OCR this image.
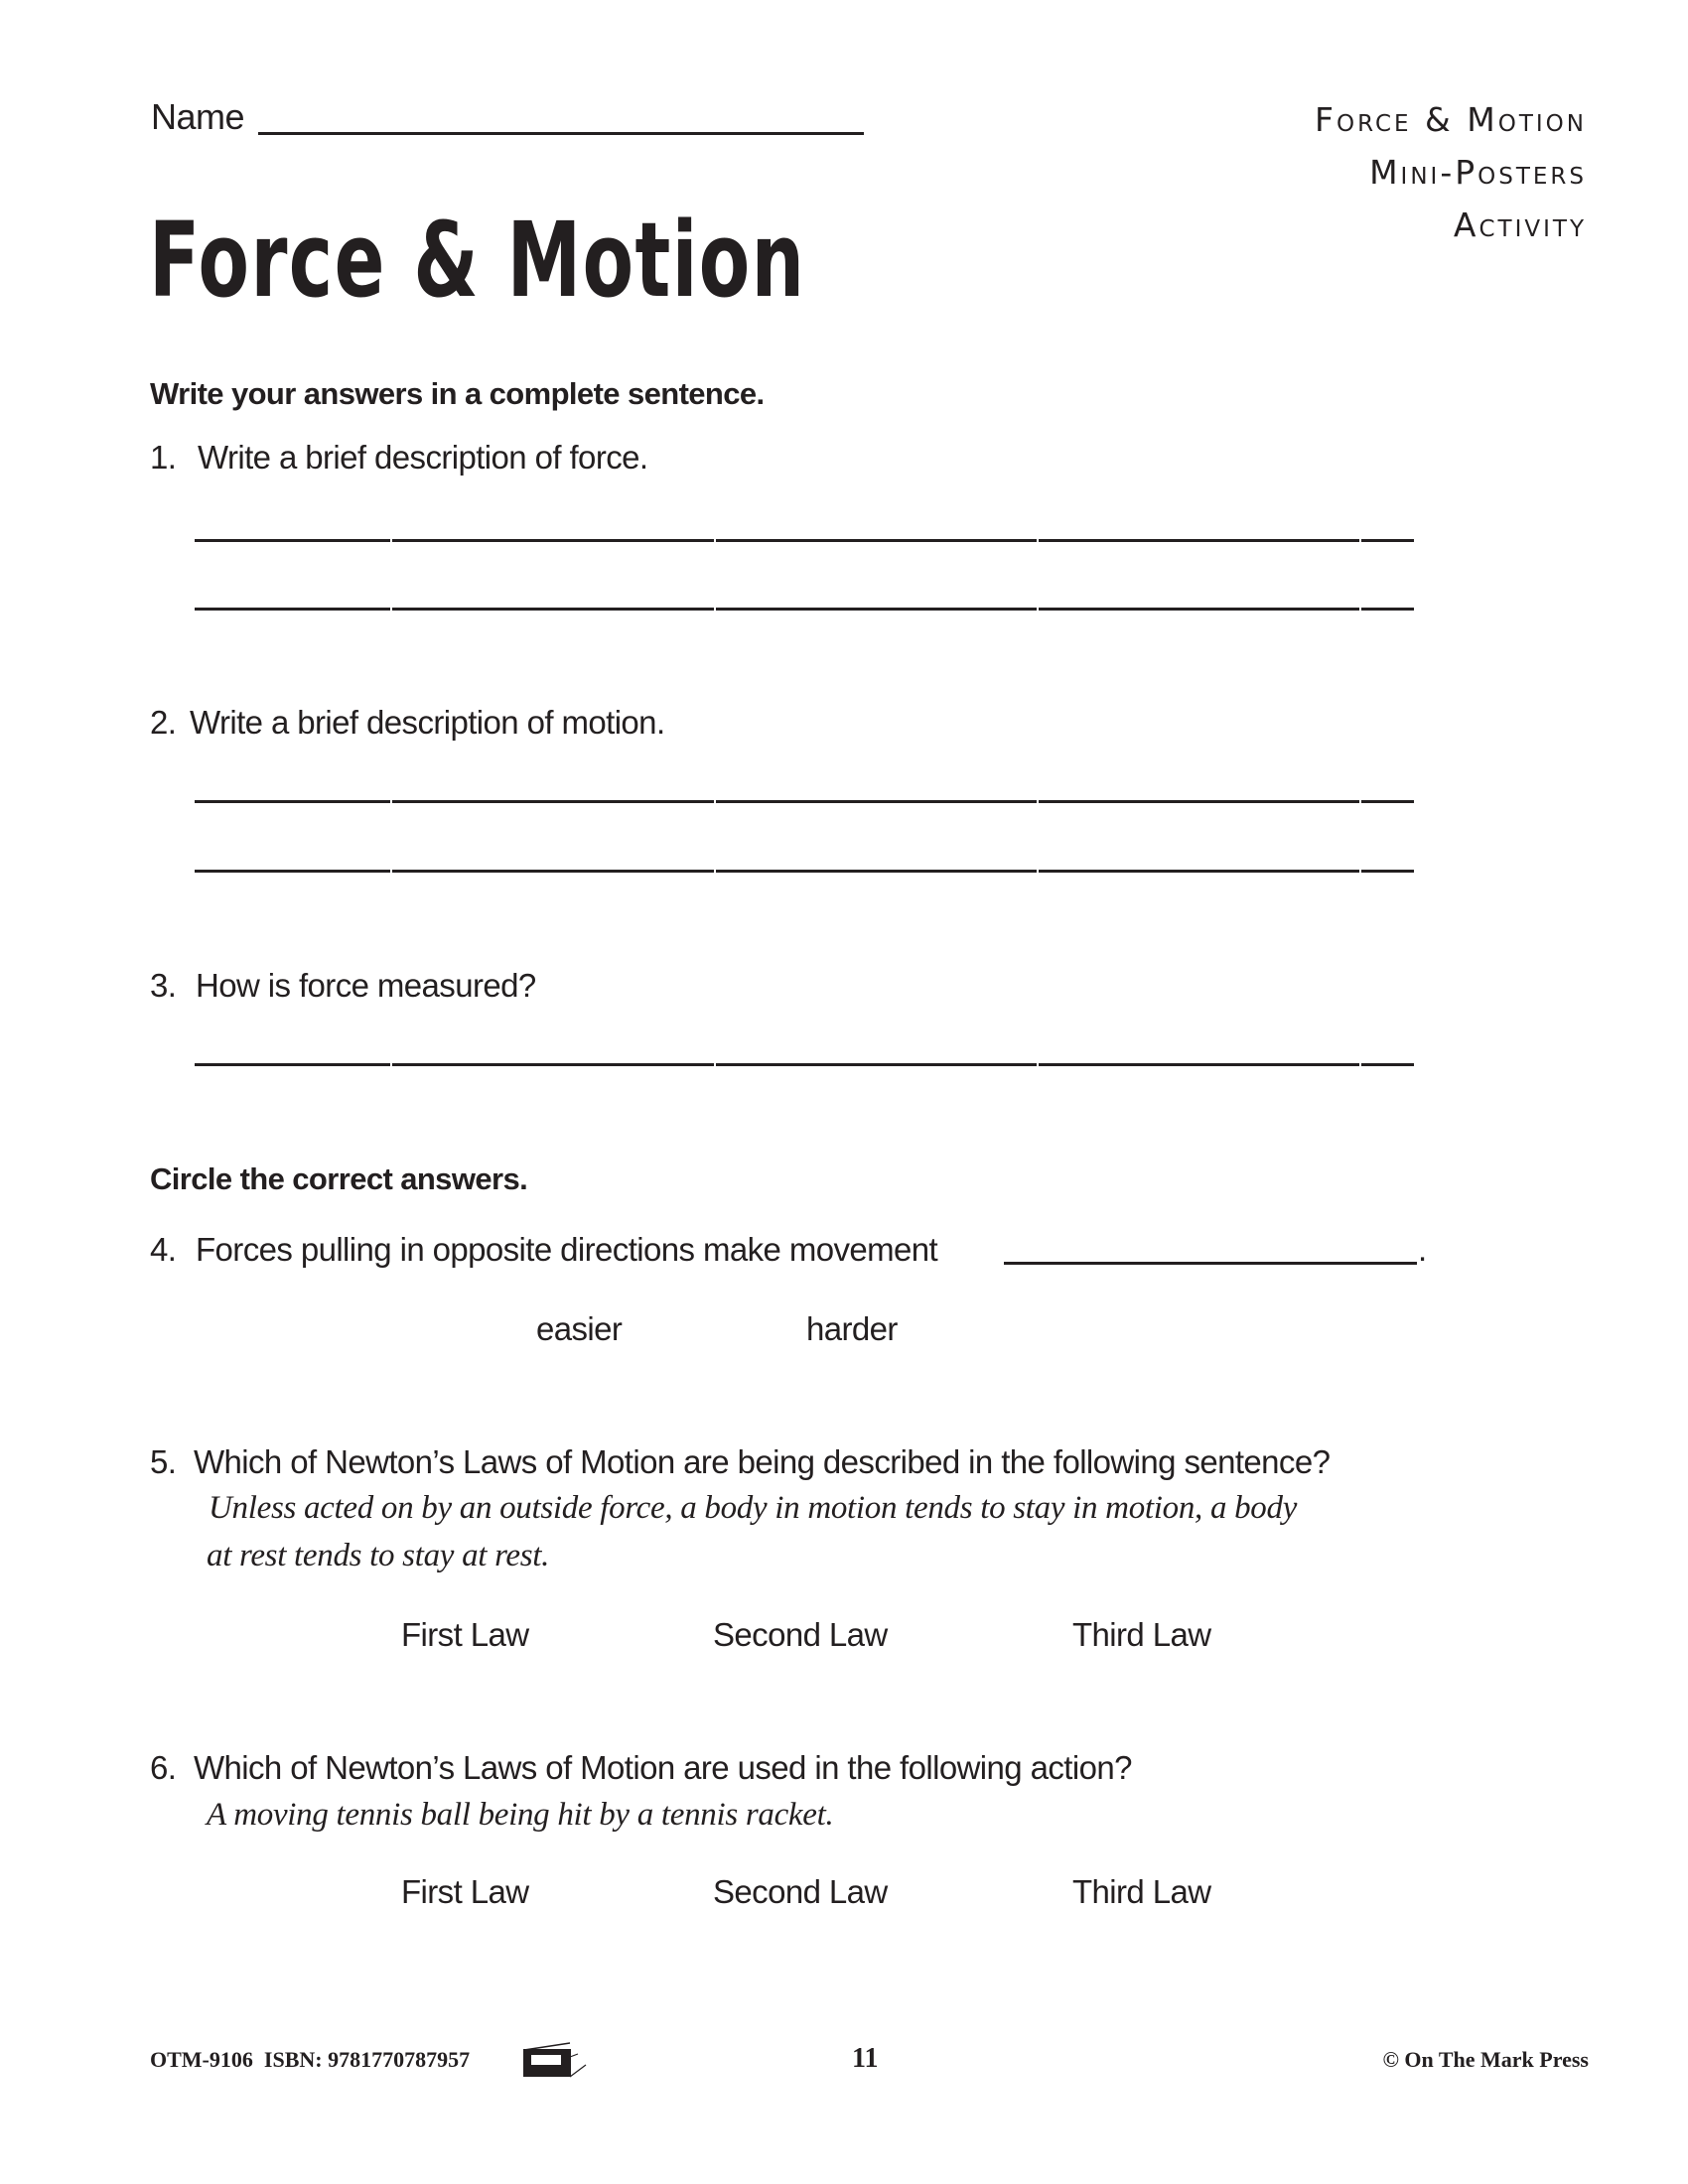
Name
Force & Motion
Force & Motion
Mini-Posters
Activity
Write your answers in a complete sentence.
1. Write a brief description of force.
2. Write a brief description of motion.
3. How is force measured?
Circle the correct answers.
4. Forces pulling in opposite directions make movement	.
easier	harder
5. Which of Newton’s Laws of Motion are being described in the following sentence?
Unless acted on by an outside force, a body in motion tends to stay in motion, a body
at rest tends to stay at rest.
First Law	Second Law	Third Law
6. Which of Newton’s Laws of Motion are used in the following action?
A moving tennis ball being hit by a tennis racket.
First Law	Second Law	Third Law
OTM-9106 ISBN: 9781770787957	11	© On The Mark Press
